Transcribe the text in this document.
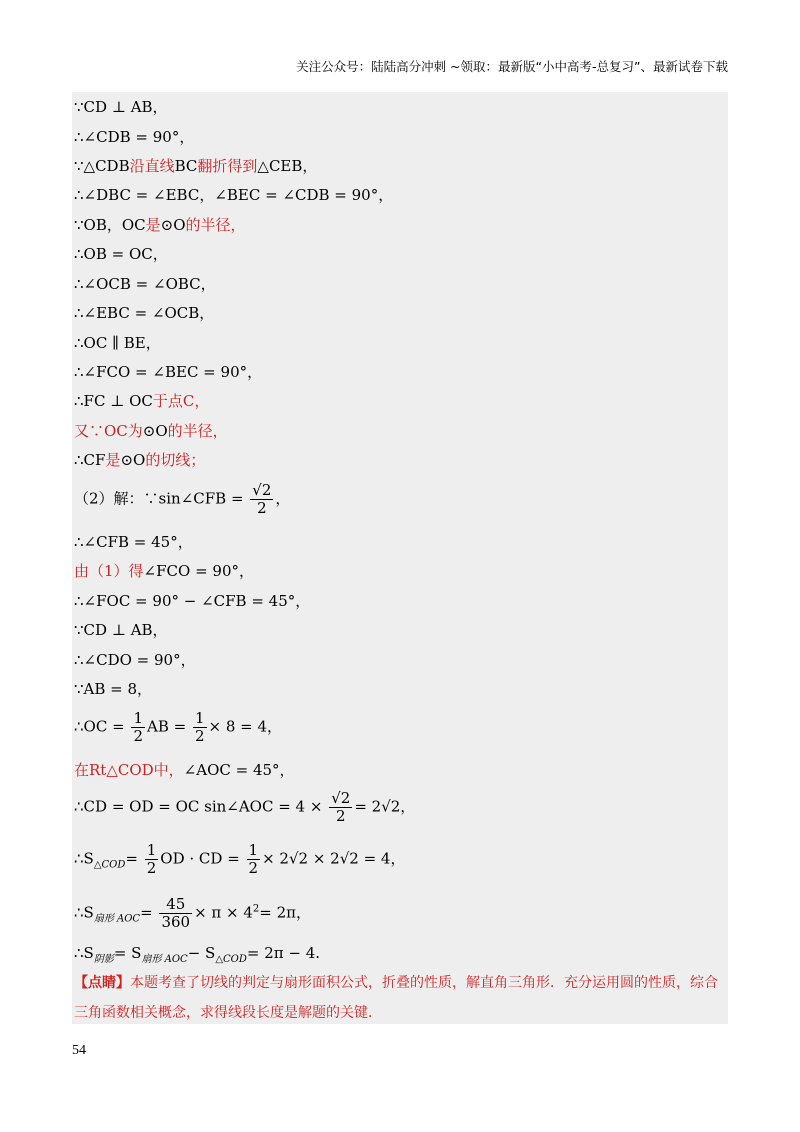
关注公众号：陆陆高分冲刺 ~领取：最新版“小中高考-总复习”、最新试卷下载
∵CD ⊥ AB，
∴∠CDB = 90°，
∵△CDB沿直线BC翻折得到△CEB，
∴∠DBC = ∠EBC，∠BEC = ∠CDB = 90°，
∵OB，OC是⊙O的半径，
∴OB = OC，
∴∠OCB = ∠OBC，
∴∠EBC = ∠OCB，
∴OC ∥ BE，
∴∠FCO = ∠BEC = 90°，
∴FC ⊥ OC于点C，
又∵OC为⊙O的半径，
∴CF是⊙O的切线；
（2）解：∵sin∠CFB = $\frac{√2}{2}$ ，
∴∠CFB = 45°，
由（1）得∠FCO = 90°，
∴∠FOC = 90° − ∠CFB = 45°，
∵CD ⊥ AB，
∴∠CDO = 90°，
∵AB = 8，
∴OC = $\frac{1}{2}$ AB = $\frac{1}{2} \times 8 = 4$，
在Rt△COD中，∠AOC = 45°，
∴CD = OD = OC sin∠AOC = $4 \times \frac{√2}{2} = 2√2$，
$\therefore S_{\triangle COD}= \frac{1}{2}$ OD · CD = $\frac{1}{2} \times 2√2 \times 2√2 = 4$，
$\therefore S_{扇形 AOC}= \frac{45}{360} \times \pi \times 4^2= 2\pi$，
$\therefore S_{阴影}= S_{扇形 AOC}- S_{\triangle COD}= 2\pi - 4$.
【点睛】本题考查了切线的判定与扇形面积公式，折叠的性质，解直角三角形．充分运用圆的性质，综合三角函数相关概念，求得线段长度是解题的关键．
54
